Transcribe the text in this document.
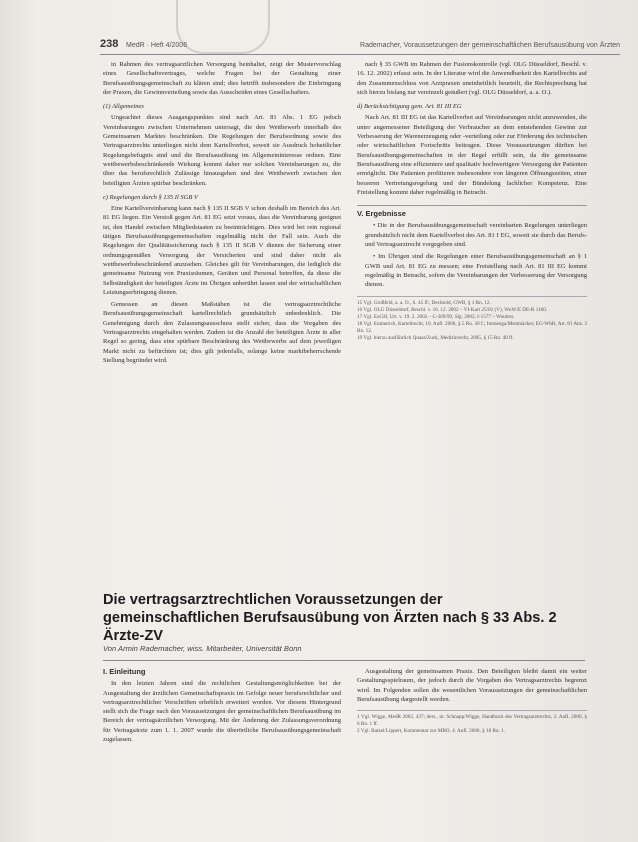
238 MedR · Heft 4/2006	Rademacher, Voraussetzungen der gemeinschaftlichen Berufsausübung von Ärzten

in Rahmen des vertragsarztlichen Versorgung beinhaltet, zeigt der Mustervorschlag eines Gesellschaftsvertrages, welche Fragen bei der Gestaltung einer Berufsausübungsgemeinschaft zu klären sind; dies betrifft insbesondere die Einbringung der Praxen, die Gewinnverteilung sowie das Ausscheiden eines Gesellschafters.

(1) Allgemeines

Ungeachtet dieses Ausgangspunktes sind nach Art. 81 Abs. 1 EG jedoch Vereinbarungen zwischen Unternehmen untersagt, die den Wettbewerb innerhalb des Gemeinsamen Marktes beschränken. Die Regelungen der Berufsordnung sowie des Vertragsarztrechts unterliegen nicht dem Kartellverbot, soweit sie Ausdruck hoheitlicher Regelungsbefugnis sind und die Berufsausübung im Allgemeininteresse ordnen. Eine wettbewerbsbeschränkende Wirkung kommt daher nur solchen Vereinbarungen zu, die über das berufsrechtlich Zulässige hinausgehen und den Wettbewerb zwischen den beteiligten Ärzten spürbar beschränken.

c) Regelungen durch § 135 Il SGB V

Eine Kartellvereinbarung kann nach § 135 II SGB V schon deshalb im Bereich des Art. 81 EG liegen. Ein Verstoß gegen Art. 81 EG setzt voraus, dass die Vereinbarung geeignet ist, den Handel zwischen Mitgliedstaaten zu beeinträchtigen. Dies wird bei rein regional tätigen Berufsausübungsgemeinschaften regelmäßig nicht der Fall sein. Auch die Regelungen der Qualitätssicherung nach § 135 II SGB V dienen der Sicherung einer ordnungsgemäßen Versorgung der Versicherten und sind daher nicht als wettbewerbsbeschränkend anzusehen. Gleiches gilt für Vereinbarungen, die lediglich die gemeinsame Nutzung von Praxisräumen, Geräten und Personal betreffen, da diese die Selbständigkeit der beteiligten Ärzte im Übrigen unberührt lassen und der wirtschaftlichen Leistungserbringung dienen.

Gemessen an diesen Maßstäben ist die vertragsarztrechtliche Berufsausübungsgemeinschaft kartellrechtlich grundsätzlich unbedenklich. Die Genehmigung durch den Zulassungsausschuss stellt sicher, dass die Vorgaben des Vertragsarztrechts eingehalten werden. Zudem ist die Anzahl der beteiligten Ärzte in aller Regel so gering, dass eine spürbare Beschränkung des Wettbewerbs auf dem jeweiligen Markt nicht zu befürchten ist; dies gilt jedenfalls, solange keine marktbeherrschende Stellung begründet wird.

nach § 35 GWB im Rahmen der Fusionskontrolle (vgl. OLG Düsseldorf, Beschl. v. 16. 12. 2002) erfasst sein. In der Literatur wird die Anwendbarkeit des Kartellrechts auf den Zusammenschluss von Arztpraxen uneinheitlich beurteilt, die Rechtsprechung hat sich hierzu bislang nur vereinzelt geäußert (vgl. OLG Düsseldorf, a. a. O.).

d) Berücksichtigung gem. Art. 81 III EG

Nach Art. 81 III EG ist das Kartellverbot auf Vereinbarungen nicht anzuwenden, die unter angemessener Beteiligung der Verbraucher an dem entstehenden Gewinn zur Verbesserung der Warenerzeugung oder -verteilung oder zur Förderung des technischen oder wirtschaftlichen Fortschritts beitragen. Diese Voraussetzungen dürften bei Berufsausübungsgemeinschaften in der Regel erfüllt sein, da die gemeinsame Berufsausübung eine effizientere und qualitativ hochwertigere Versorgung der Patienten ermöglicht. Die Patienten profitieren insbesondere von längeren Öffnungszeiten, einer besseren Vertretungsregelung und der Bündelung fachlicher Kompetenz. Eine Freistellung kommt daher regelmäßig in Betracht.

V. Ergebnisse

• Die in der Berufsausübungsgemeinschaft vereinbarten Regelungen unterliegen grundsätzlich nicht dem Kartellverbot des Art. 81 I EG, soweit sie durch das Berufs- und Vertragsarztrecht vorgegeben sind.

• Im Übrigen sind die Regelungen einer Berufsausübungsgemeinschaft an § 1 GWB und Art. 81 EG zu messen; eine Freistellung nach Art. 81 III EG kommt regelmäßig in Betracht, sofern die Vereinbarungen der Verbesserung der Versorgung dienen.

15 Vgl. Großfeld, a. a. O., S. 45 ff.; Bechtold, GWB, § 1 Rn. 12.
16 Vgl. OLG Düsseldorf, Beschl. v. 16. 12. 2002 – VI-Kart 25/02 (V), WuW/E DE-R 1100.
17 Vgl. EuGH, Urt. v. 19. 2. 2002 – C-309/99, Slg. 2002, I-1577 – Wouters.
18 Vgl. Emmerich, Kartellrecht, 10. Aufl. 2006, § 5 Rn. 30 f.; Immenga/Mestmäcker, EG-WbR, Art. 81 Abs. 3 Rn. 12.
19 Vgl. hierzu ausführlich Quaas/Zuck, Medizinrecht, 2005, § 15 Rn. 40 ff.
Die vertragsarztrechtlichen Voraussetzungen der gemeinschaftlichen Berufsausübung von Ärzten nach § 33 Abs. 2 Ärzte-ZV
Von Armin Rademacher, wiss. Mitarbeiter, Universität Bonn
I. Einleitung

In den letzten Jahren sind die rechtlichen Gestaltungsmöglichkeiten bei der Ausgestaltung der ärztlichen Gemeinschaftspraxis im Gefolge neuer berufsrechtlicher und vertragsarztrechtlicher Vorschriften erheblich erweitert worden. Vor diesem Hintergrund stellt sich die Frage nach den Voraussetzungen der gemeinschaftlichen Berufsausübung im Bereich der vertragsärztlichen Versorgung. Mit der Änderung der Zulassungsverordnung für Vertragsärzte zum 1. 1. 2007 wurde die überörtliche Berufsausübungsgemeinschaft zugelassen.

Ausgestaltung der gemeinsamen Praxis. Den Beteiligten bleibt damit ein weiter Gestaltungsspielraum, der jedoch durch die Vorgaben des Vertragsarztrechts begrenzt wird. Im Folgenden sollen die wesentlichen Voraussetzungen der gemeinschaftlichen Berufsausübung dargestellt werden.

1 Vgl. Wigge, MedR 2002, 437; ders., in: Schnapp/Wigge, Handbuch des Vertragsarztrechts, 2. Aufl. 2006, § 6 Rn. 1 ff.
2 Vgl. Ratzel/Lippert, Kommentar zur MBO, 4. Aufl. 2006, § 18 Rn. 1.
